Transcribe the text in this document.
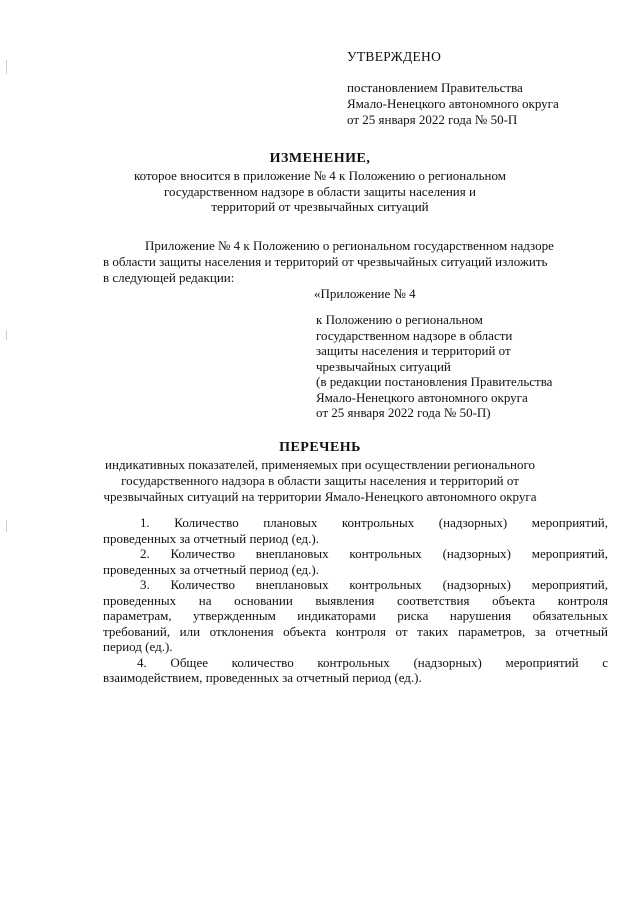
УТВЕРЖДЕНО
постановлением Правительства
Ямало-Ненецкого автономного округа
от 25 января 2022 года № 50-П
ИЗМЕНЕНИЕ,
которое вносится в приложение № 4 к Положению о региональном
государственном надзоре в области защиты населения и
территорий от чрезвычайных ситуаций
Приложение № 4 к Положению о региональном государственном надзоре
в области защиты населения и территорий от чрезвычайных ситуаций изложить
в следующей редакции:
«Приложение № 4
к Положению о региональном
государственном надзоре в области
защиты населения и территорий от
чрезвычайных ситуаций
(в редакции постановления Правительства
Ямало-Ненецкого автономного округа
от 25 января 2022 года № 50-П)
ПЕРЕЧЕНЬ
индикативных показателей, применяемых при осуществлении регионального
государственного надзора в области защиты населения и территорий от
чрезвычайных ситуаций на территории Ямало-Ненецкого автономного округа
1. Количество плановых контрольных (надзорных) мероприятий,
проведенных за отчетный период (ед.).
2. Количество внеплановых контрольных (надзорных) мероприятий,
проведенных за отчетный период (ед.).
3. Количество внеплановых контрольных (надзорных) мероприятий,
проведенных на основании выявления соответствия объекта контроля
параметрам, утвержденным индикаторами риска нарушения обязательных
требований, или отклонения объекта контроля от таких параметров, за отчетный
период (ед.).
4. Общее количество контрольных (надзорных) мероприятий с
взаимодействием, проведенных за отчетный период (ед.).
